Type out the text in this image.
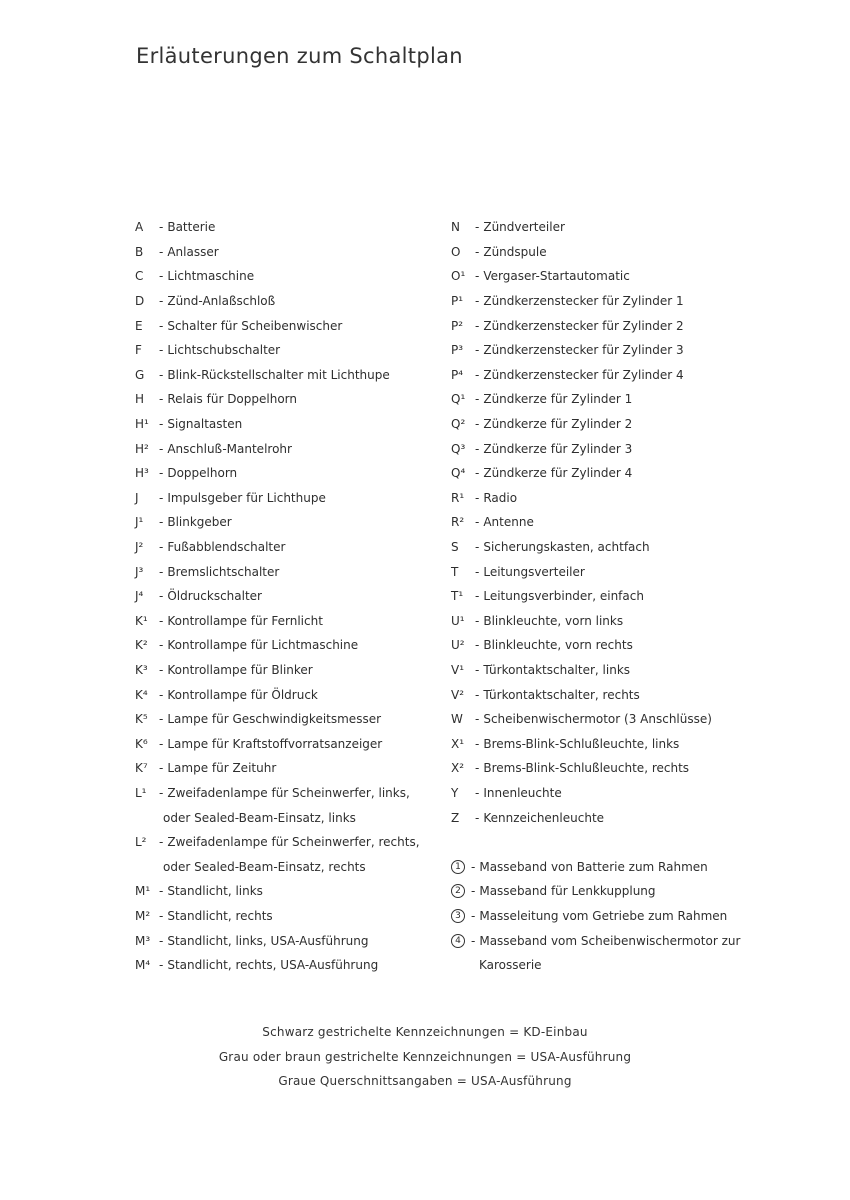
Erläuterungen zum Schaltplan
A	- Batterie
B	- Anlasser
C	- Lichtmaschine
D	- Zünd-Anlaßschloß
E	- Schalter für Scheibenwischer
F	- Lichtschubschalter
G	- Blink-Rückstellschalter mit Lichthupe
H	- Relais für Doppelhorn
H¹ - Signaltasten
H² - Anschluß-Mantelrohr
H³ - Doppelhorn
J	- Impulsgeber für Lichthupe
J¹	- Blinkgeber
J²	- Fußabblendschalter
J³	- Bremslichtschalter
J⁴	- Öldruckschalter
K¹ - Kontrollampe für Fernlicht
K² - Kontrollampe für Lichtmaschine
K³ - Kontrollampe für Blinker
K⁴ - Kontrollampe für Öldruck
K⁵ - Lampe für Geschwindigkeitsmesser
K⁶ - Lampe für Kraftstoffvorratsanzeiger
K⁷ - Lampe für Zeituhr
L¹	- Zweifadenlampe für Scheinwerfer, links,
oder Sealed-Beam-Einsatz, links
L²	- Zweifadenlampe für Scheinwerfer, rechts,
oder Sealed-Beam-Einsatz, rechts
M¹ - Standlicht, links
M² - Standlicht, rechts
M³ - Standlicht, links, USA-Ausführung
M⁴ - Standlicht, rechts, USA-Ausführung
N	- Zündverteiler
O	- Zündspule
O¹ - Vergaser-Startautomatic
P¹ - Zündkerzenstecker für Zylinder 1
P² - Zündkerzenstecker für Zylinder 2
P³ - Zündkerzenstecker für Zylinder 3
P⁴ - Zündkerzenstecker für Zylinder 4
Q¹ - Zündkerze für Zylinder 1
Q² - Zündkerze für Zylinder 2
Q³ - Zündkerze für Zylinder 3
Q⁴ - Zündkerze für Zylinder 4
R¹ - Radio
R² - Antenne
S	- Sicherungskasten, achtfach
T	- Leitungsverteiler
T¹ - Leitungsverbinder, einfach
U¹ - Blinkleuchte, vorn links
U² - Blinkleuchte, vorn rechts
V¹ - Türkontaktschalter, links
V² - Türkontaktschalter, rechts
W	- Scheibenwischermotor (3 Anschlüsse)
X¹ - Brems-Blink-Schlußleuchte, links
X² - Brems-Blink-Schlußleuchte, rechts
Y	- Innenleuchte
Z	- Kennzeichenleuchte
1 - Masseband von Batterie zum Rahmen
2 - Masseband für Lenkkupplung
3 - Masseleitung vom Getriebe zum Rahmen
4 - Masseband vom Scheibenwischermotor zur
Karosserie
Schwarz gestrichelte Kennzeichnungen = KD-Einbau
Grau oder braun gestrichelte Kennzeichnungen = USA-Ausführung
Graue Querschnittsangaben = USA-Ausführung
